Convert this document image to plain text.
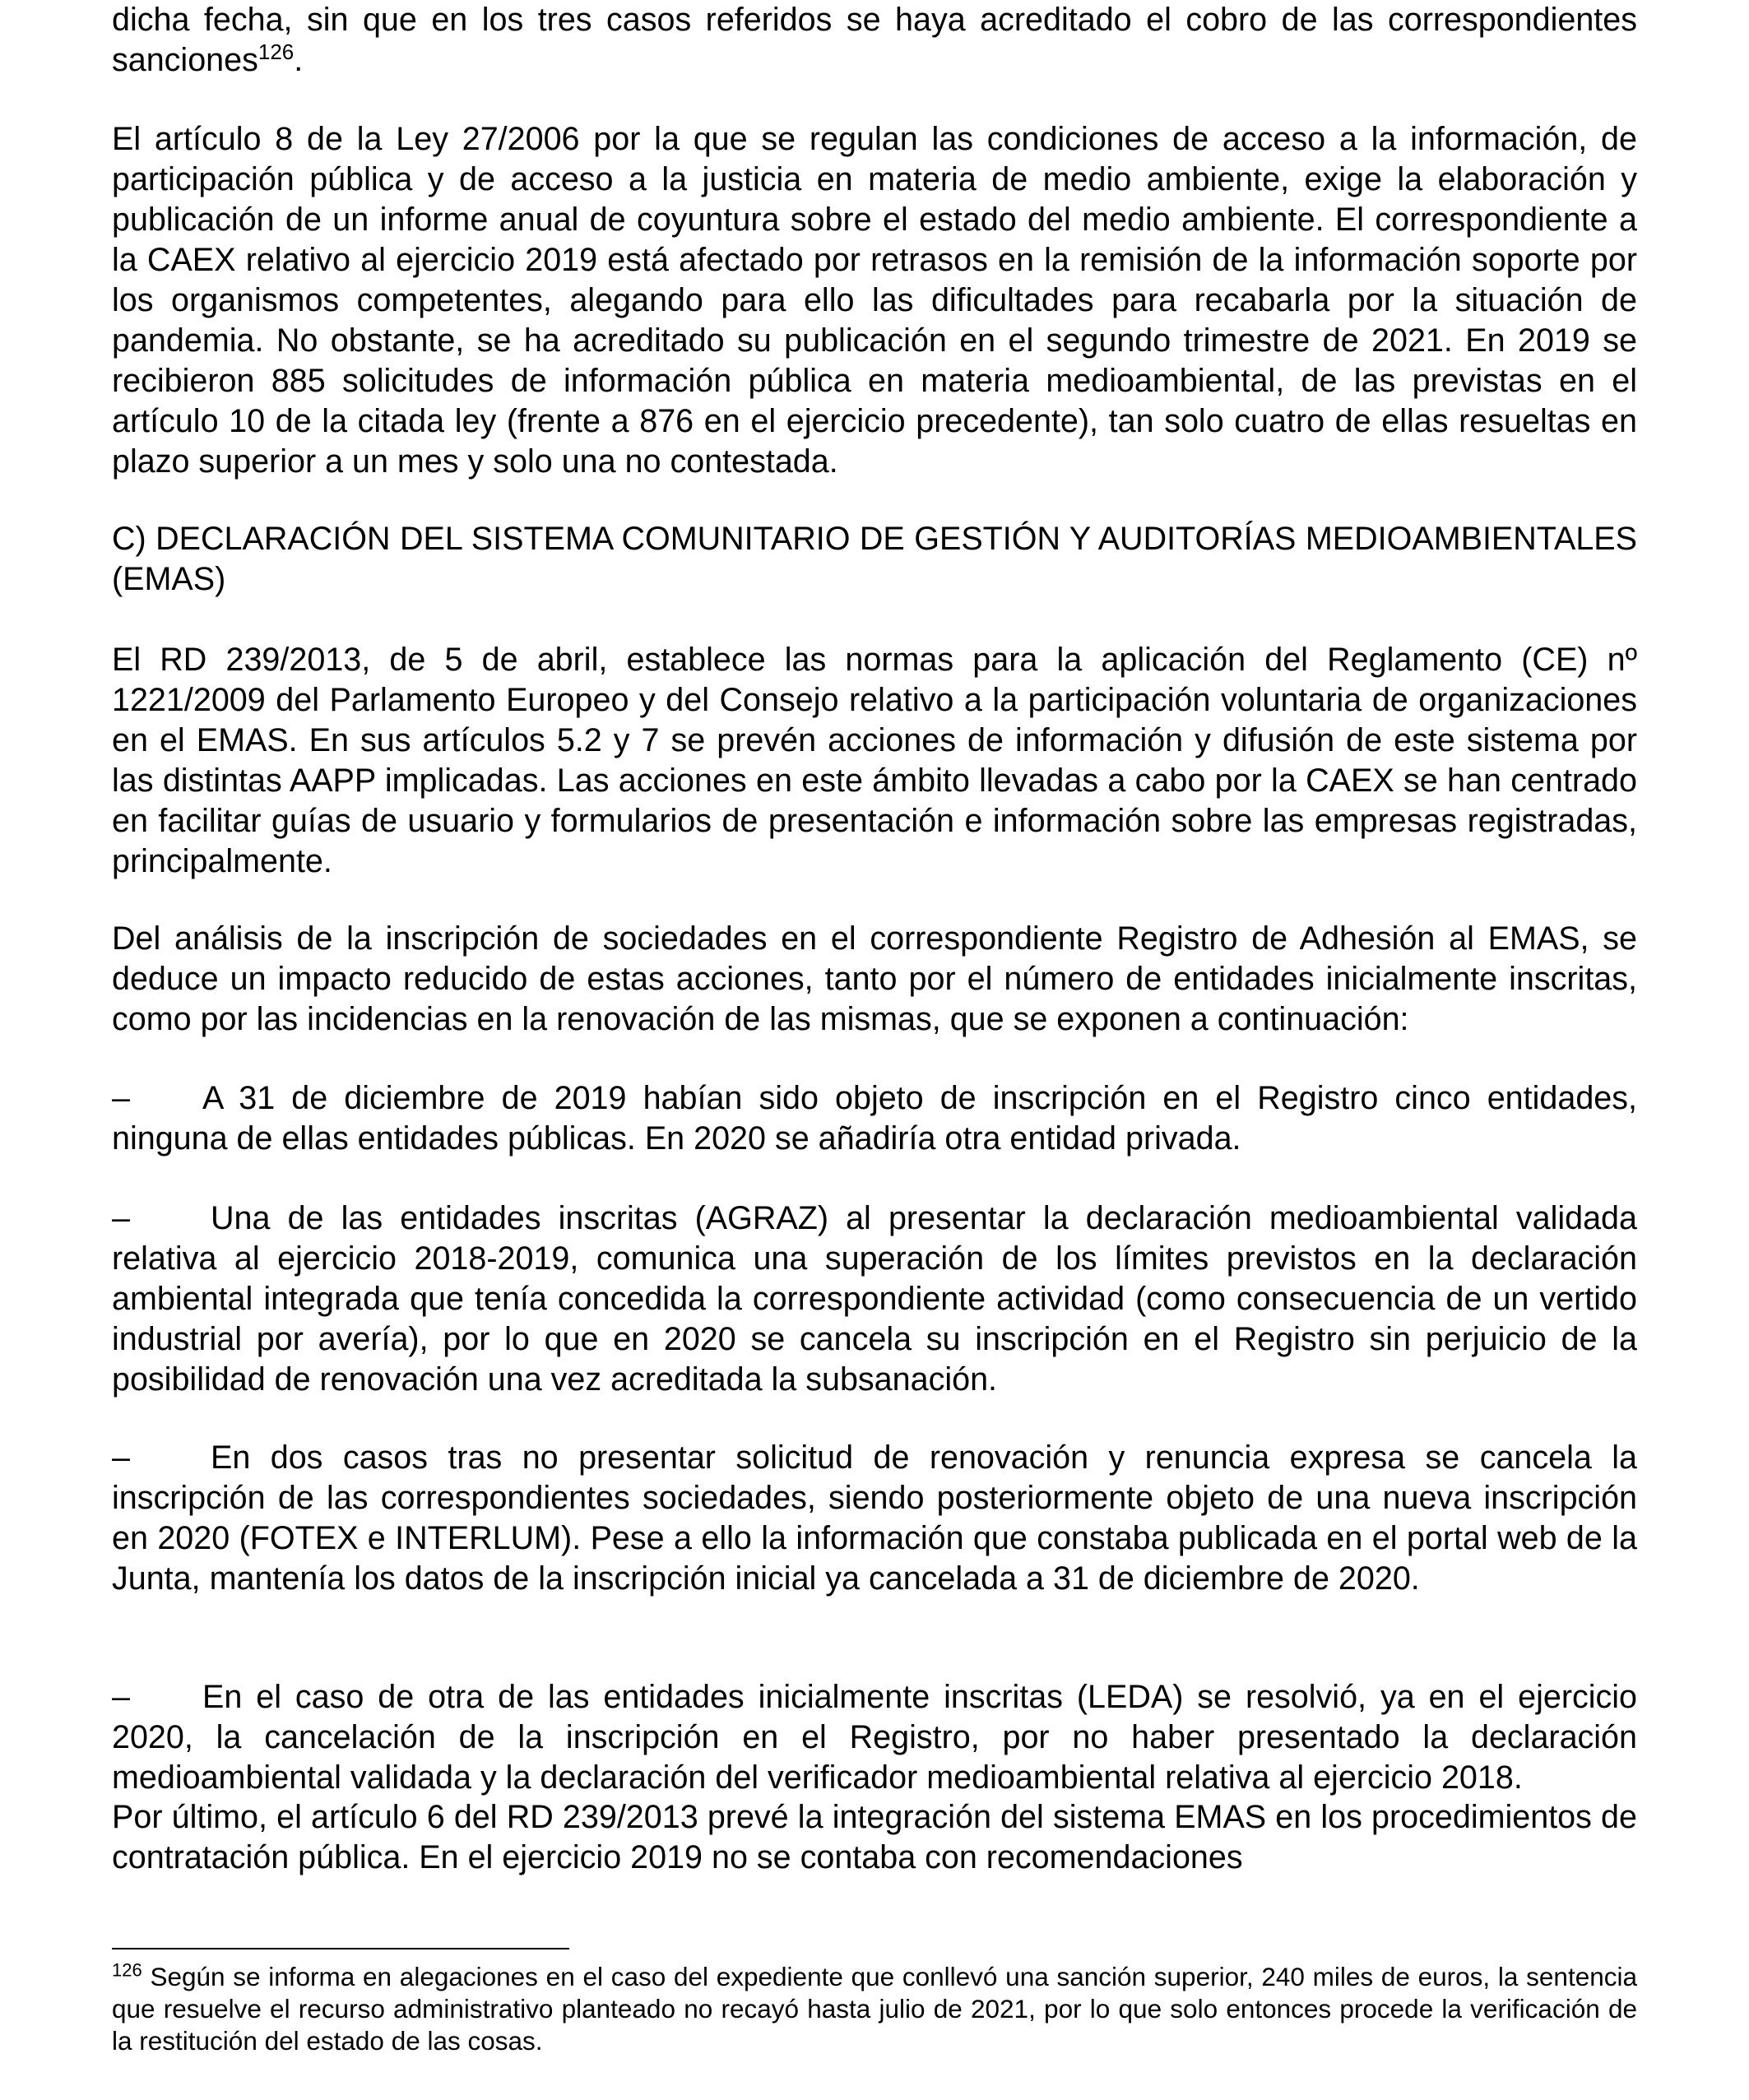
dicha fecha, sin que en los tres casos referidos se haya acreditado el cobro de las correspondientes sanciones$^{126}$.

El artículo 8 de la Ley 27/2006 por la que se regulan las condiciones de acceso a la información, de participación pública y de acceso a la justicia en materia de medio ambiente, exige la elaboración y publicación de un informe anual de coyuntura sobre el estado del medio ambiente. El correspondiente a la CAEX relativo al ejercicio 2019 está afectado por retrasos en la remisión de la información soporte por los organismos competentes, alegando para ello las dificultades para recabarla por la situación de pandemia. No obstante, se ha acreditado su publicación en el segundo trimestre de 2021. En 2019 se recibieron 885 solicitudes de información pública en materia medioambiental, de las previstas en el artículo 10 de la citada ley (frente a 876 en el ejercicio precedente), tan solo cuatro de ellas resueltas en plazo superior a un mes y solo una no contestada.

C) DECLARACIÓN DEL SISTEMA COMUNITARIO DE GESTIÓN Y AUDITORÍAS MEDIOAMBIENTALES (EMAS)

El RD 239/2013, de 5 de abril, establece las normas para la aplicación del Reglamento (CE) nº 1221/2009 del Parlamento Europeo y del Consejo relativo a la participación voluntaria de organizaciones en el EMAS. En sus artículos 5.2 y 7 se prevén acciones de información y difusión de este sistema por las distintas AAPP implicadas. Las acciones en este ámbito llevadas a cabo por la CAEX se han centrado en facilitar guías de usuario y formularios de presentación e información sobre las empresas registradas, principalmente.

Del análisis de la inscripción de sociedades en el correspondiente Registro de Adhesión al EMAS, se deduce un impacto reducido de estas acciones, tanto por el número de entidades inicialmente inscritas, como por las incidencias en la renovación de las mismas, que se exponen a continuación:

– A 31 de diciembre de 2019 habían sido objeto de inscripción en el Registro cinco entidades, ninguna de ellas entidades públicas. En 2020 se añadiría otra entidad privada.

– Una de las entidades inscritas (AGRAZ) al presentar la declaración medioambiental validada relativa al ejercicio 2018-2019, comunica una superación de los límites previstos en la declaración ambiental integrada que tenía concedida la correspondiente actividad (como consecuencia de un vertido industrial por avería), por lo que en 2020 se cancela su inscripción en el Registro sin perjuicio de la posibilidad de renovación una vez acreditada la subsanación.

– En dos casos tras no presentar solicitud de renovación y renuncia expresa se cancela la inscripción de las correspondientes sociedades, siendo posteriormente objeto de una nueva inscripción en 2020 (FOTEX e INTERLUM). Pese a ello la información que constaba publicada en el portal web de la Junta, mantenía los datos de la inscripción inicial ya cancelada a 31 de diciembre de 2020.

– En el caso de otra de las entidades inicialmente inscritas (LEDA) se resolvió, ya en el ejercicio 2020, la cancelación de la inscripción en el Registro, por no haber presentado la declaración medioambiental validada y la declaración del verificador medioambiental relativa al ejercicio 2018.

Por último, el artículo 6 del RD 239/2013 prevé la integración del sistema EMAS en los procedimientos de contratación pública. En el ejercicio 2019 no se contaba con recomendaciones

$^{126}$ Según se informa en alegaciones en el caso del expediente que conllevó una sanción superior, 240 miles de euros, la sentencia que resuelve el recurso administrativo planteado no recayó hasta julio de 2021, por lo que solo entonces procede la verificación de la restitución del estado de las cosas.
